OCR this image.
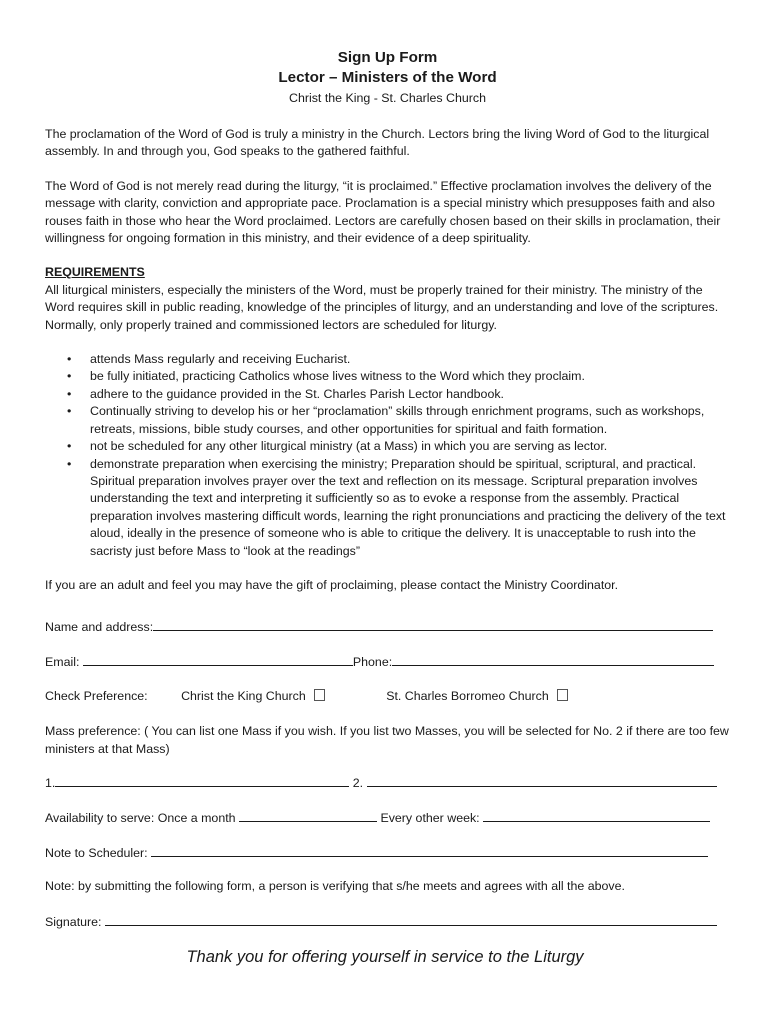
Sign Up Form
Lector – Ministers of the Word
Christ the King - St. Charles Church

The proclamation of the Word of God is truly a ministry in the Church. Lectors bring the living Word of God to the liturgical assembly. In and through you, God speaks to the gathered faithful.

The Word of God is not merely read during the liturgy, “it is proclaimed.” Effective proclamation involves the delivery of the message with clarity, conviction and appropriate pace. Proclamation is a special ministry which presupposes faith and also rouses faith in those who hear the Word proclaimed. Lectors are carefully chosen based on their skills in proclamation, their willingness for ongoing formation in this ministry, and their evidence of a deep spirituality.

REQUIREMENTS

All liturgical ministers, especially the ministers of the Word, must be properly trained for their ministry. The ministry of the Word requires skill in public reading, knowledge of the principles of liturgy, and an understanding and love of the scriptures. Normally, only properly trained and commissioned lectors are scheduled for liturgy.

• attends Mass regularly and receiving Eucharist.
• be fully initiated, practicing Catholics whose lives witness to the Word which they proclaim.
• adhere to the guidance provided in the St. Charles Parish Lector handbook.
• Continually striving to develop his or her “proclamation” skills through enrichment programs, such as workshops, retreats, missions, bible study courses, and other opportunities for spiritual and faith formation.
• not be scheduled for any other liturgical ministry (at a Mass) in which you are serving as lector.
• demonstrate preparation when exercising the ministry; Preparation should be spiritual, scriptural, and practical. Spiritual preparation involves prayer over the text and reflection on its message. Scriptural preparation involves understanding the text and interpreting it sufficiently so as to evoke a response from the assembly. Practical preparation involves mastering difficult words, learning the right pronunciations and practicing the delivery of the text aloud, ideally in the presence of someone who is able to critique the delivery. It is unacceptable to rush into the sacristy just before Mass to “look at the readings”

If you are an adult and feel you may have the gift of proclaiming, please contact the Ministry Coordinator.

Name and address:
Email:	Phone:
Check Preference:	Christ the King Church	St. Charles Borromeo Church

Mass preference: ( You can list one Mass if you wish. If you list two Masses, you will be selected for No. 2 if there are too few ministers at that Mass)

1.	2.
Availability to serve: Once a month	Every other week:
Note to Scheduler:

Note: by submitting the following form, a person is verifying that s/he meets and agrees with all the above.

Signature:
Thank you for offering yourself in service to the Liturgy
